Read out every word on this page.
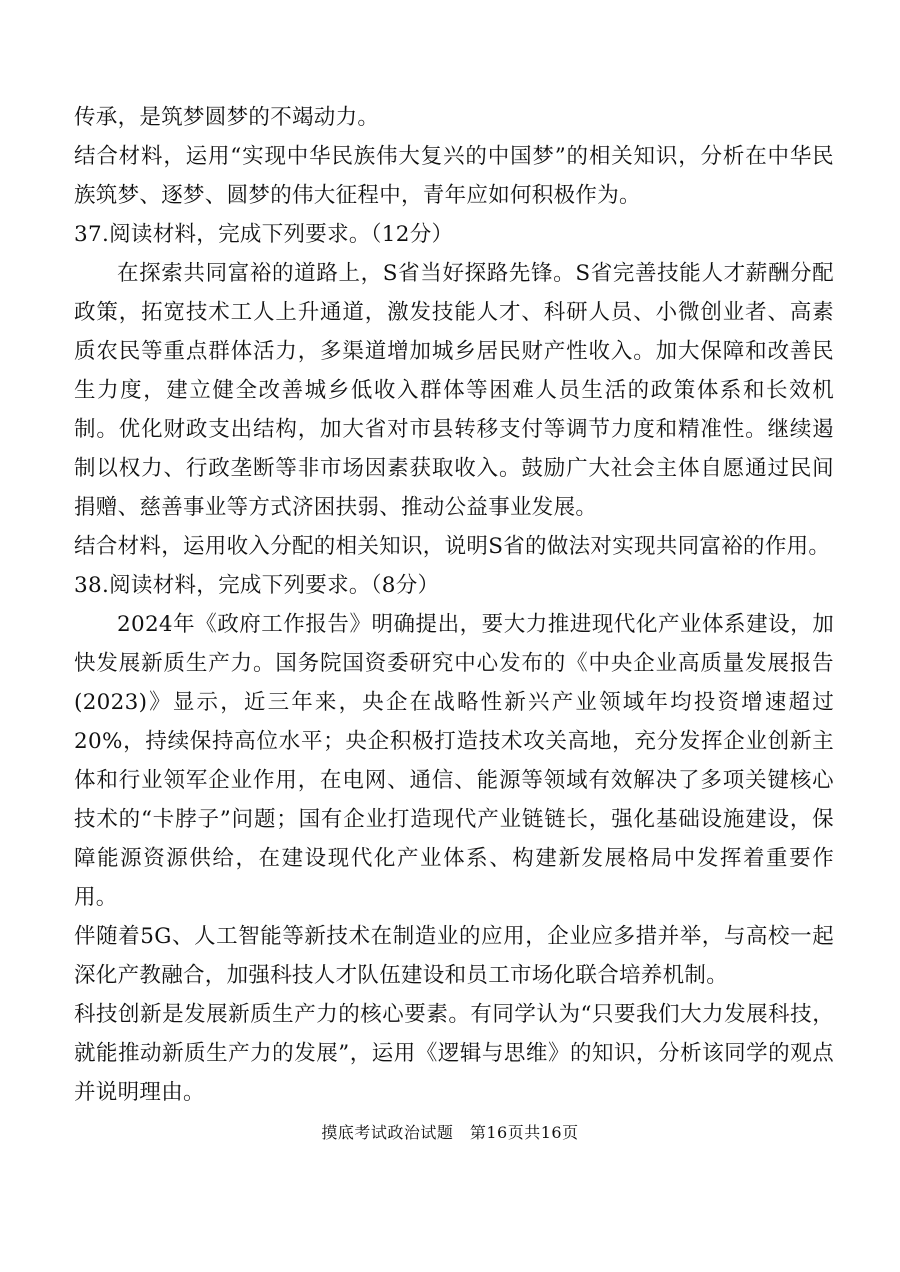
传承，是筑梦圆梦的不竭动力。

结合材料，运用“实现中华民族伟大复兴的中国梦”的相关知识，分析在中华民族筑梦、逐梦、圆梦的伟大征程中，青年应如何积极作为。

37.阅读材料，完成下列要求。（12分）

在探索共同富裕的道路上，S省当好探路先锋。S省完善技能人才薪酬分配政策，拓宽技术工人上升通道，激发技能人才、科研人员、小微创业者、高素质农民等重点群体活力，多渠道增加城乡居民财产性收入。加大保障和改善民生力度，建立健全改善城乡低收入群体等困难人员生活的政策体系和长效机制。优化财政支出结构，加大省对市县转移支付等调节力度和精准性。继续遏制以权力、行政垄断等非市场因素获取收入。鼓励广大社会主体自愿通过民间捐赠、慈善事业等方式济困扶弱、推动公益事业发展。

结合材料，运用收入分配的相关知识，说明S省的做法对实现共同富裕的作用。

38.阅读材料，完成下列要求。（8分）

2024年《政府工作报告》明确提出，要大力推进现代化产业体系建设，加快发展新质生产力。国务院国资委研究中心发布的《中央企业高质量发展报告(2023)》显示，近三年来，央企在战略性新兴产业领域年均投资增速超过20%，持续保持高位水平；央企积极打造技术攻关高地，充分发挥企业创新主体和行业领军企业作用，在电网、通信、能源等领域有效解决了多项关键核心技术的“卡脖子”问题；国有企业打造现代产业链链长，强化基础设施建设，保障能源资源供给，在建设现代化产业体系、构建新发展格局中发挥着重要作用。

伴随着5G、人工智能等新技术在制造业的应用，企业应多措并举，与高校一起深化产教融合，加强科技人才队伍建设和员工市场化联合培养机制。

科技创新是发展新质生产力的核心要素。有同学认为“只要我们大力发展科技，就能推动新质生产力的发展”，运用《逻辑与思维》的知识，分析该同学的观点并说明理由。

摸底考试政治试题　第16页共16页
